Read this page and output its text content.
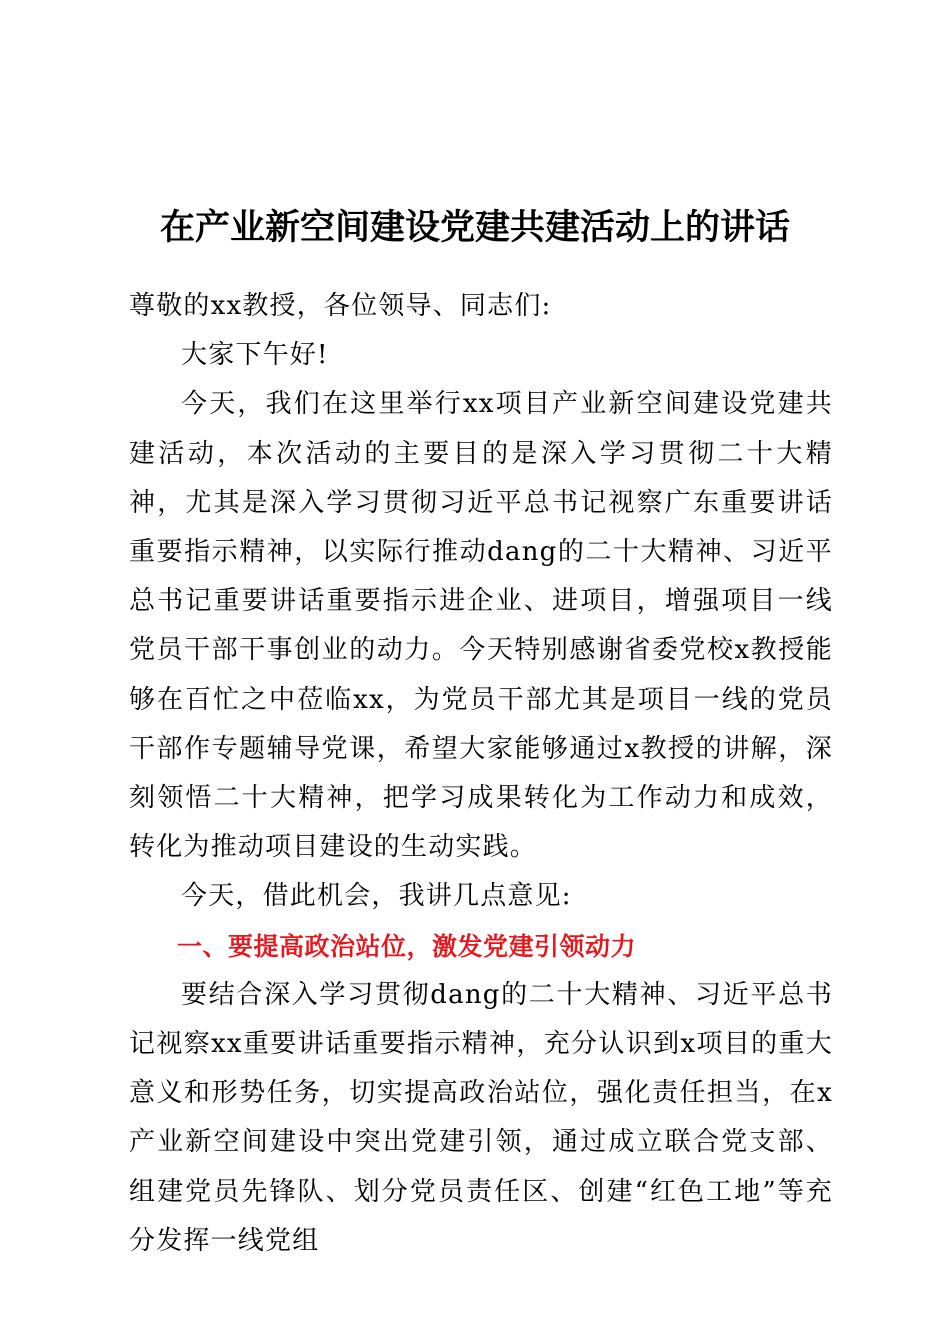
在产业新空间建设党建共建活动上的讲话

尊敬的xx教授，各位领导、同志们:

大家下午好!

今天，我们在这里举行xx项目产业新空间建设党建共建活动，本次活动的主要目的是深入学习贯彻二十大精神，尤其是深入学习贯彻习近平总书记视察广东重要讲话重要指示精神，以实际行推动dang的二十大精神、习近平总书记重要讲话重要指示进企业、进项目，增强项目一线党员干部干事创业的动力。今天特别感谢省委党校x教授能够在百忙之中莅临xx，为党员干部尤其是项目一线的党员干部作专题辅导党课，希望大家能够通过x教授的讲解，深刻领悟二十大精神，把学习成果转化为工作动力和成效，转化为推动项目建设的生动实践。

今天，借此机会，我讲几点意见:

一、要提高政治站位，激发党建引领动力

要结合深入学习贯彻dang的二十大精神、习近平总书记视察xx重要讲话重要指示精神，充分认识到x项目的重大意义和形势任务，切实提高政治站位，强化责任担当，在x产业新空间建设中突出党建引领，通过成立联合党支部、组建党员先锋队、划分党员责任区、创建“红色工地”等充分发挥一线党组
